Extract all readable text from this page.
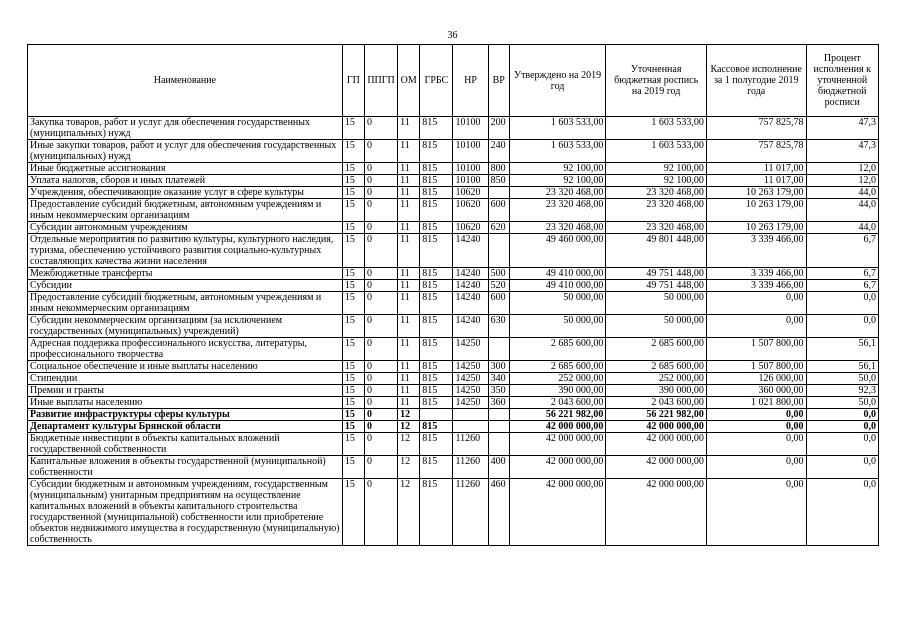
36
Наименование	ГП	ППГП	ОМ	ГРБС	НР	ВР	Утверждено на 2019 год	Уточненная бюджетная роспись на 2019 год	Кассовое исполнение за 1 полугодие 2019 года	Процент исполнения к уточненной бюджетной росписи
Закупка товаров, работ и услуг для обеспечения государственных (муниципальных) нужд	15	0	11	815	10100	200	1 603 533,00	1 603 533,00	757 825,78	47,3
Иные закупки товаров, работ и услуг для обеспечения государственных (муниципальных) нужд	15	0	11	815	10100	240	1 603 533,00	1 603 533,00	757 825,78	47,3
Иные бюджетные ассигнования	15	0	11	815	10100	800	92 100,00	92 100,00	11 017,00	12,0
Уплата налогов, сборов и иных платежей	15	0	11	815	10100	850	92 100,00	92 100,00	11 017,00	12,0
Учреждения, обеспечивающие оказание услуг в сфере культуры	15	0	11	815	10620		23 320 468,00	23 320 468,00	10 263 179,00	44,0
Предоставление субсидий бюджетным, автономным учреждениям и иным некоммерческим организациям	15	0	11	815	10620	600	23 320 468,00	23 320 468,00	10 263 179,00	44,0
Субсидии автономным учреждениям	15	0	11	815	10620	620	23 320 468,00	23 320 468,00	10 263 179,00	44,0
Отдельные мероприятия по развитию культуры, культурного наследия, туризма, обеспечению устойчивого развития социально-культурных составляющих качества жизни населения	15	0	11	815	14240		49 460 000,00	49 801 448,00	3 339 466,00	6,7
Межбюджетные трансферты	15	0	11	815	14240	500	49 410 000,00	49 751 448,00	3 339 466,00	6,7
Субсидии	15	0	11	815	14240	520	49 410 000,00	49 751 448,00	3 339 466,00	6,7
Предоставление субсидий бюджетным, автономным учреждениям и иным некоммерческим организациям	15	0	11	815	14240	600	50 000,00	50 000,00	0,00	0,0
Субсидии некоммерческим организациям (за исключением государственных (муниципальных) учреждений)	15	0	11	815	14240	630	50 000,00	50 000,00	0,00	0,0
Адресная поддержка профессионального искусства, литературы, профессионального творчества	15	0	11	815	14250		2 685 600,00	2 685 600,00	1 507 800,00	56,1
Социальное обеспечение и иные выплаты населению	15	0	11	815	14250	300	2 685 600,00	2 685 600,00	1 507 800,00	56,1
Стипендии	15	0	11	815	14250	340	252 000,00	252 000,00	126 000,00	50,0
Премии и гранты	15	0	11	815	14250	350	390 000,00	390 000,00	360 000,00	92,3
Иные выплаты населению	15	0	11	815	14250	360	2 043 600,00	2 043 600,00	1 021 800,00	50,0
Развитие инфраструктуры сферы культуры	15	0	12				56 221 982,00	56 221 982,00	0,00	0,0
Департамент культуры Брянской области	15	0	12	815			42 000 000,00	42 000 000,00	0,00	0,0
Бюджетные инвестиции в объекты капитальных вложений государственной собственности	15	0	12	815	11260		42 000 000,00	42 000 000,00	0,00	0,0
Капитальные вложения в объекты государственной (муниципальной) собственности	15	0	12	815	11260	400	42 000 000,00	42 000 000,00	0,00	0,0
Субсидии бюджетным и автономным учреждениям, государственным (муниципальным) унитарным предприятиям на осуществление капитальных вложений в объекты капитального строительства государственной (муниципальной) собственности или приобретение объектов недвижимого имущества в государственную (муниципальную) собственность	15	0	12	815	11260	460	42 000 000,00	42 000 000,00	0,00	0,0
